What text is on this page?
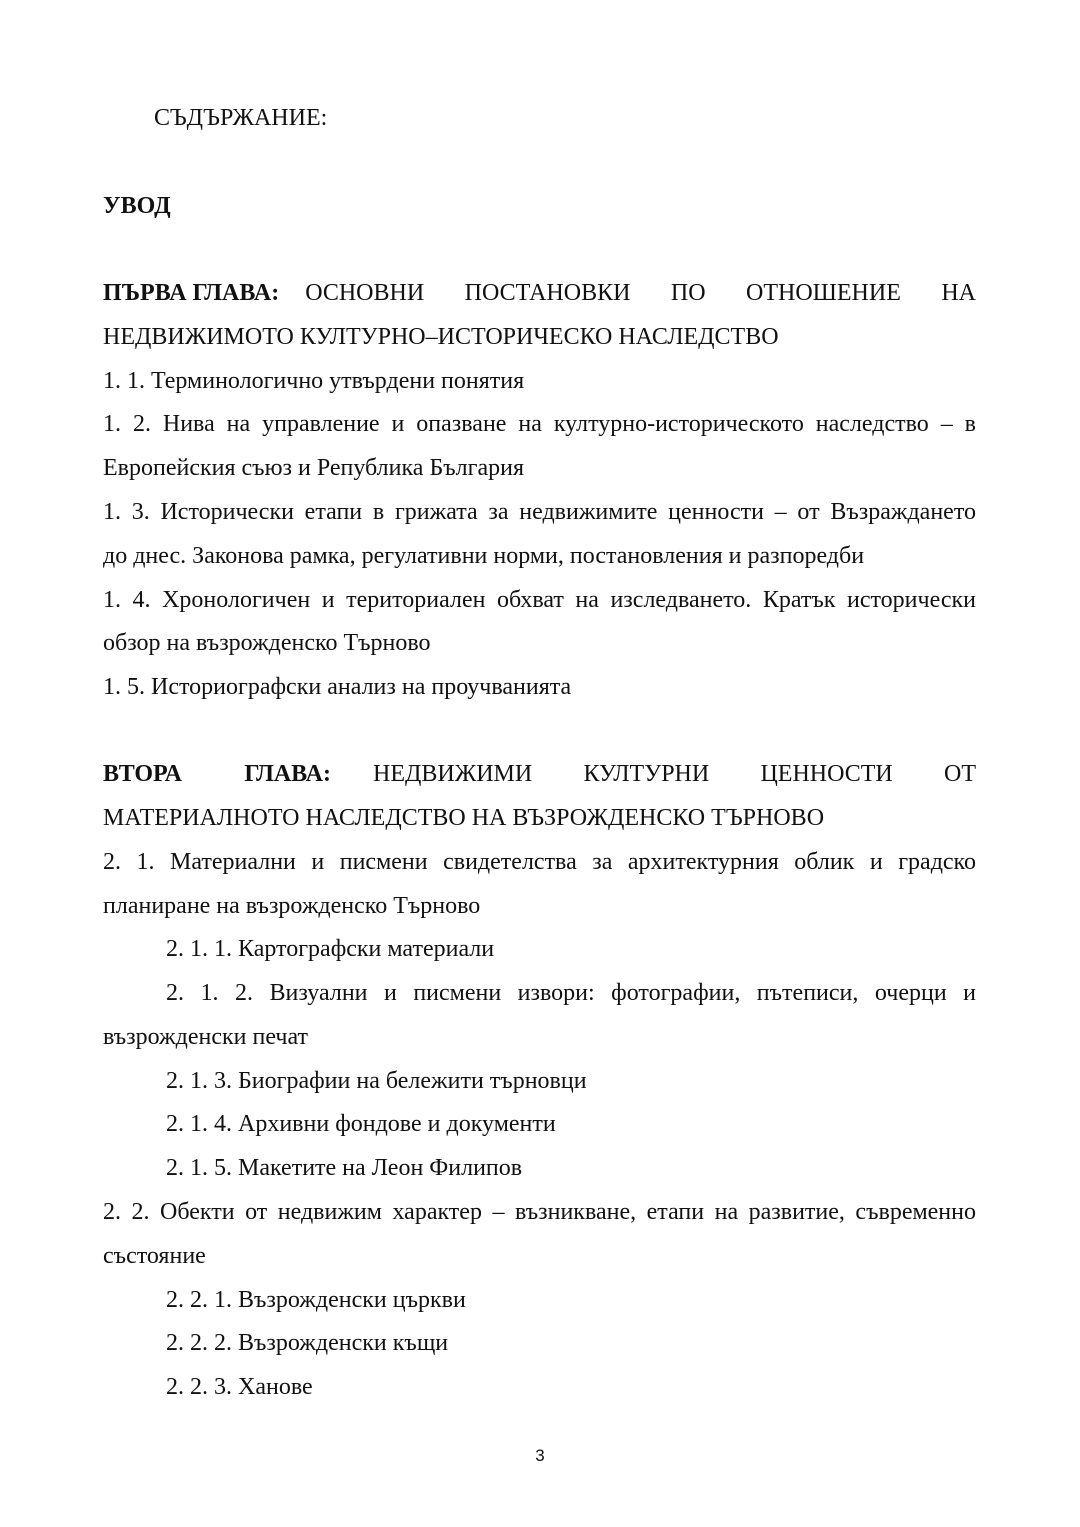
СЪДЪРЖАНИЕ:
УВОД
ПЪРВА ГЛАВА: ОСНОВНИ ПОСТАНОВКИ ПО ОТНОШЕНИЕ НА
НЕДВИЖИМОТО КУЛТУРНО–ИСТОРИЧЕСКО НАСЛЕДСТВО
1. 1. Терминологично утвърдени понятия
1. 2. Нива на управление и опазване на културно-историческото наследство – в
Европейския съюз и Република България
1. 3. Исторически етапи в грижата за недвижимите ценности – от Възраждането
до днес. Законова рамка, регулативни норми, постановления и разпоредби
1. 4. Хронологичен и териториален обхват на изследването. Кратък исторически
обзор на възрожденско Търново
1. 5. Историографски анализ на проучванията
ВТОРА ГЛАВА: НЕДВИЖИМИ КУЛТУРНИ ЦЕННОСТИ ОТ
МАТЕРИАЛНОТО НАСЛЕДСТВО НА ВЪЗРОЖДЕНСКО ТЪРНОВО
2. 1. Материални и писмени свидетелства за архитектурния облик и градско
планиране на възрожденско Търново
2. 1. 1. Картографски материали
2. 1. 2. Визуални и писмени извори: фотографии, пътеписи, очерци и
възрожденски печат
2. 1. 3. Биографии на бележити търновци
2. 1. 4. Архивни фондове и документи
2. 1. 5. Макетите на Леон Филипов
2. 2. Обекти от недвижим характер – възникване, етапи на развитие, съвременно
състояние
2. 2. 1. Възрожденски църкви
2. 2. 2. Възрожденски къщи
2. 2. 3. Ханове
3
